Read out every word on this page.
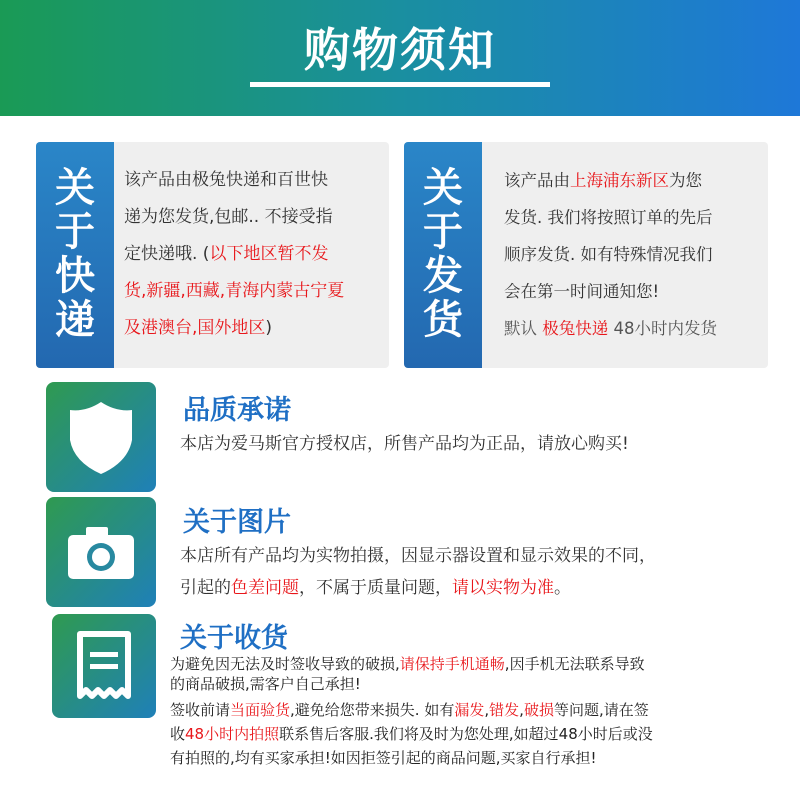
购物须知
关
于
快
递
该产品由极兔快递和百世快
递为您发货,包邮.. 不接受指
定快递哦. (以下地区暂不发
货,新疆,西藏,青海内蒙古宁夏
及港澳台,国外地区)
关
于
发
货
该产品由上海浦东新区为您
发货. 我们将按照订单的先后
顺序发货. 如有特殊情况我们
会在第一时间通知您!
默认 极兔快递 48小时内发货
品质承诺
本店为爱马斯官方授权店，所售产品均为正品，请放心购买!
关于图片
本店所有产品均为实物拍摄，因显示器设置和显示效果的不同，
引起的色差问题，不属于质量问题，请以实物为准。
关于收货
为避免因无法及时签收导致的破损,请保持手机通畅,因手机无法联系导致
的商品破损,需客户自己承担!
签收前请当面验货,避免给您带来损失. 如有漏发,错发,破损等问题,请在签
收48小时内拍照联系售后客服.我们将及时为您处理,如超过48小时后或没
有拍照的,均有买家承担!如因拒签引起的商品问题,买家自行承担!
